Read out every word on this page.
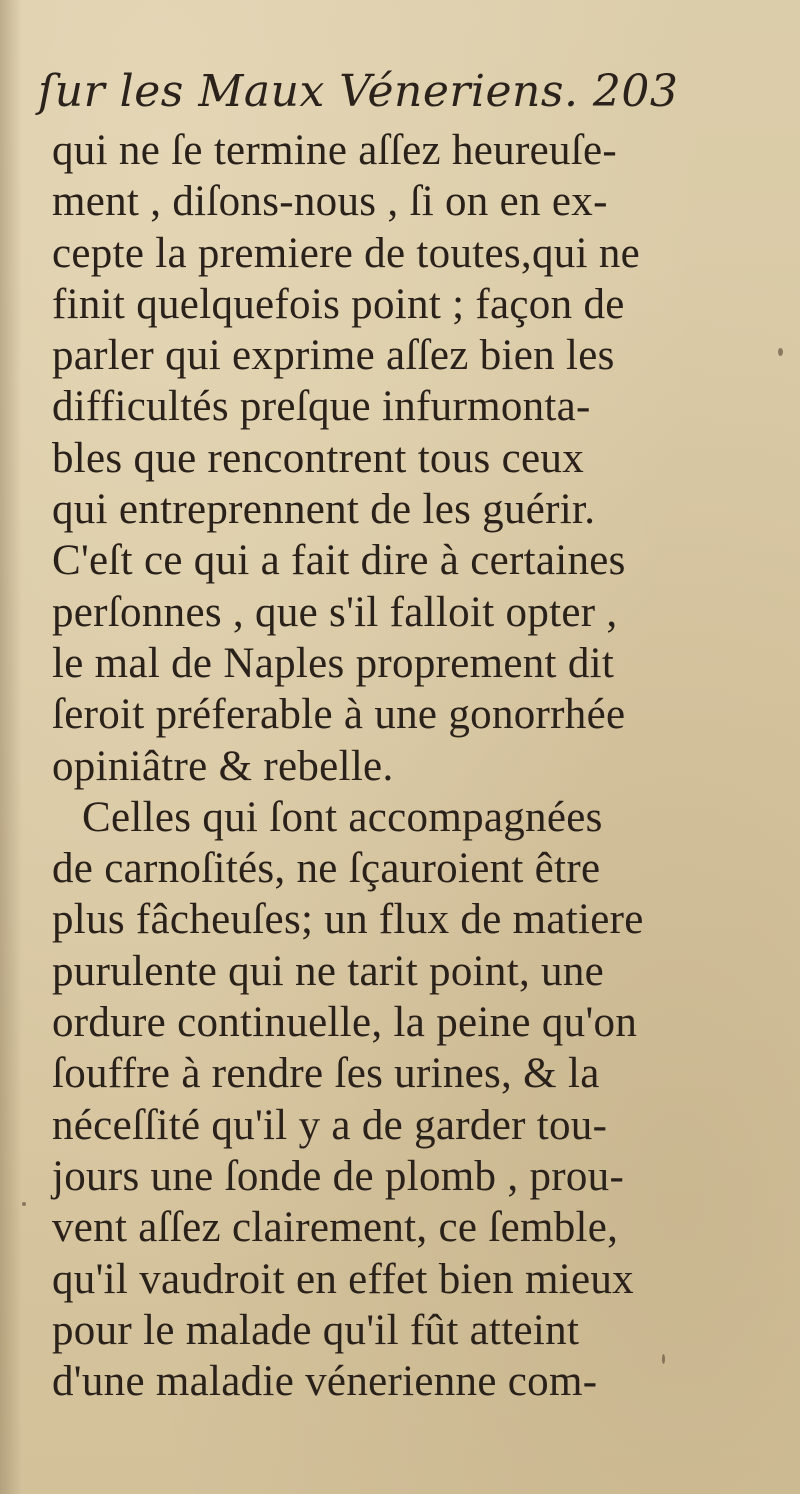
ſur les Maux Véneriens. 203
qui ne ſe termine aſſez heureuſe-
ment , diſons-nous , ſi on en ex-
cepte la premiere de toutes,qui ne
finit quelquefois point ; façon de
parler qui exprime aſſez bien les
difficultés preſque infurmonta-
bles que rencontrent tous ceux
qui entreprennent de les guérir.
C'eſt ce qui a fait dire à certaines
perſonnes , que s'il falloit opter ,
le mal de Naples proprement dit
ſeroit préferable à une gonorrhée
opiniâtre & rebelle.
Celles qui ſont accompagnées
de carnoſités, ne ſçauroient être
plus fâcheuſes; un flux de matiere
purulente qui ne tarit point, une
ordure continuelle, la peine qu'on
ſouffre à rendre ſes urines, & la
néceſſité qu'il y a de garder tou-
jours une ſonde de plomb , prou-
vent aſſez clairement, ce ſemble,
qu'il vaudroit en effet bien mieux
pour le malade qu'il fût atteint
d'une maladie vénerienne com-
